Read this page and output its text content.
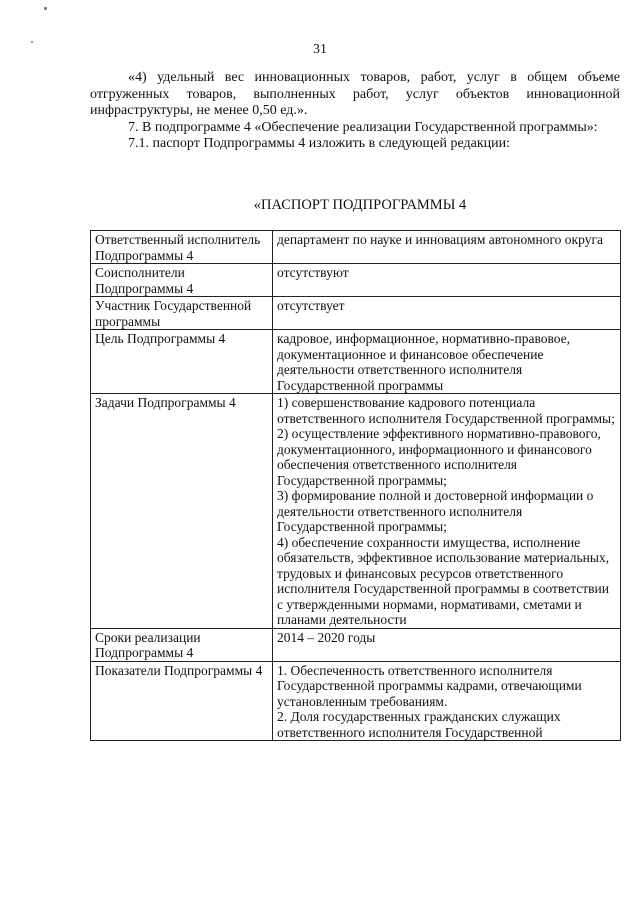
31

«4) удельный вес инновационных товаров, работ, услуг в общем объеме отгруженных товаров, выполненных работ, услуг объектов инновационной инфраструктуры, не менее 0,50 ед.».

7. В подпрограмме 4 «Обеспечение реализации Государственной программы»:

7.1. паспорт Подпрограммы 4 изложить в следующей редакции:

«ПАСПОРТ ПОДПРОГРАММЫ 4
Ответственный исполнитель Подпрограммы 4	департамент по науке и инновациям автономного округа

Соисполнители Подпрограммы 4	отсутствуют

Участник Государственной программы	отсутствует

Цель Подпрограммы 4	кадровое, информационное, нормативно-правовое, документационное и финансовое обеспечение деятельности ответственного исполнителя Государственной программы

Задачи Подпрограммы 4	1) совершенствование кадрового потенциала ответственного исполнителя Государственной программы;
2) осуществление эффективного нормативно-правового, документационного, информационного и финансового обеспечения ответственного исполнителя Государственной программы;
3) формирование полной и достоверной информации о деятельности ответственного исполнителя Государственной программы;
4) обеспечение сохранности имущества, исполнение обязательств, эффективное использование материальных, трудовых и финансовых ресурсов ответственного исполнителя Государственной программы в соответствии с утвержденными нормами, нормативами, сметами и планами деятельности

Сроки реализации Подпрограммы 4	2014 – 2020 годы

Показатели Подпрограммы 4	1. Обеспеченность ответственного исполнителя Государственной программы кадрами, отвечающими установленным требованиям.
2. Доля государственных гражданских служащих ответственного исполнителя Государственной
